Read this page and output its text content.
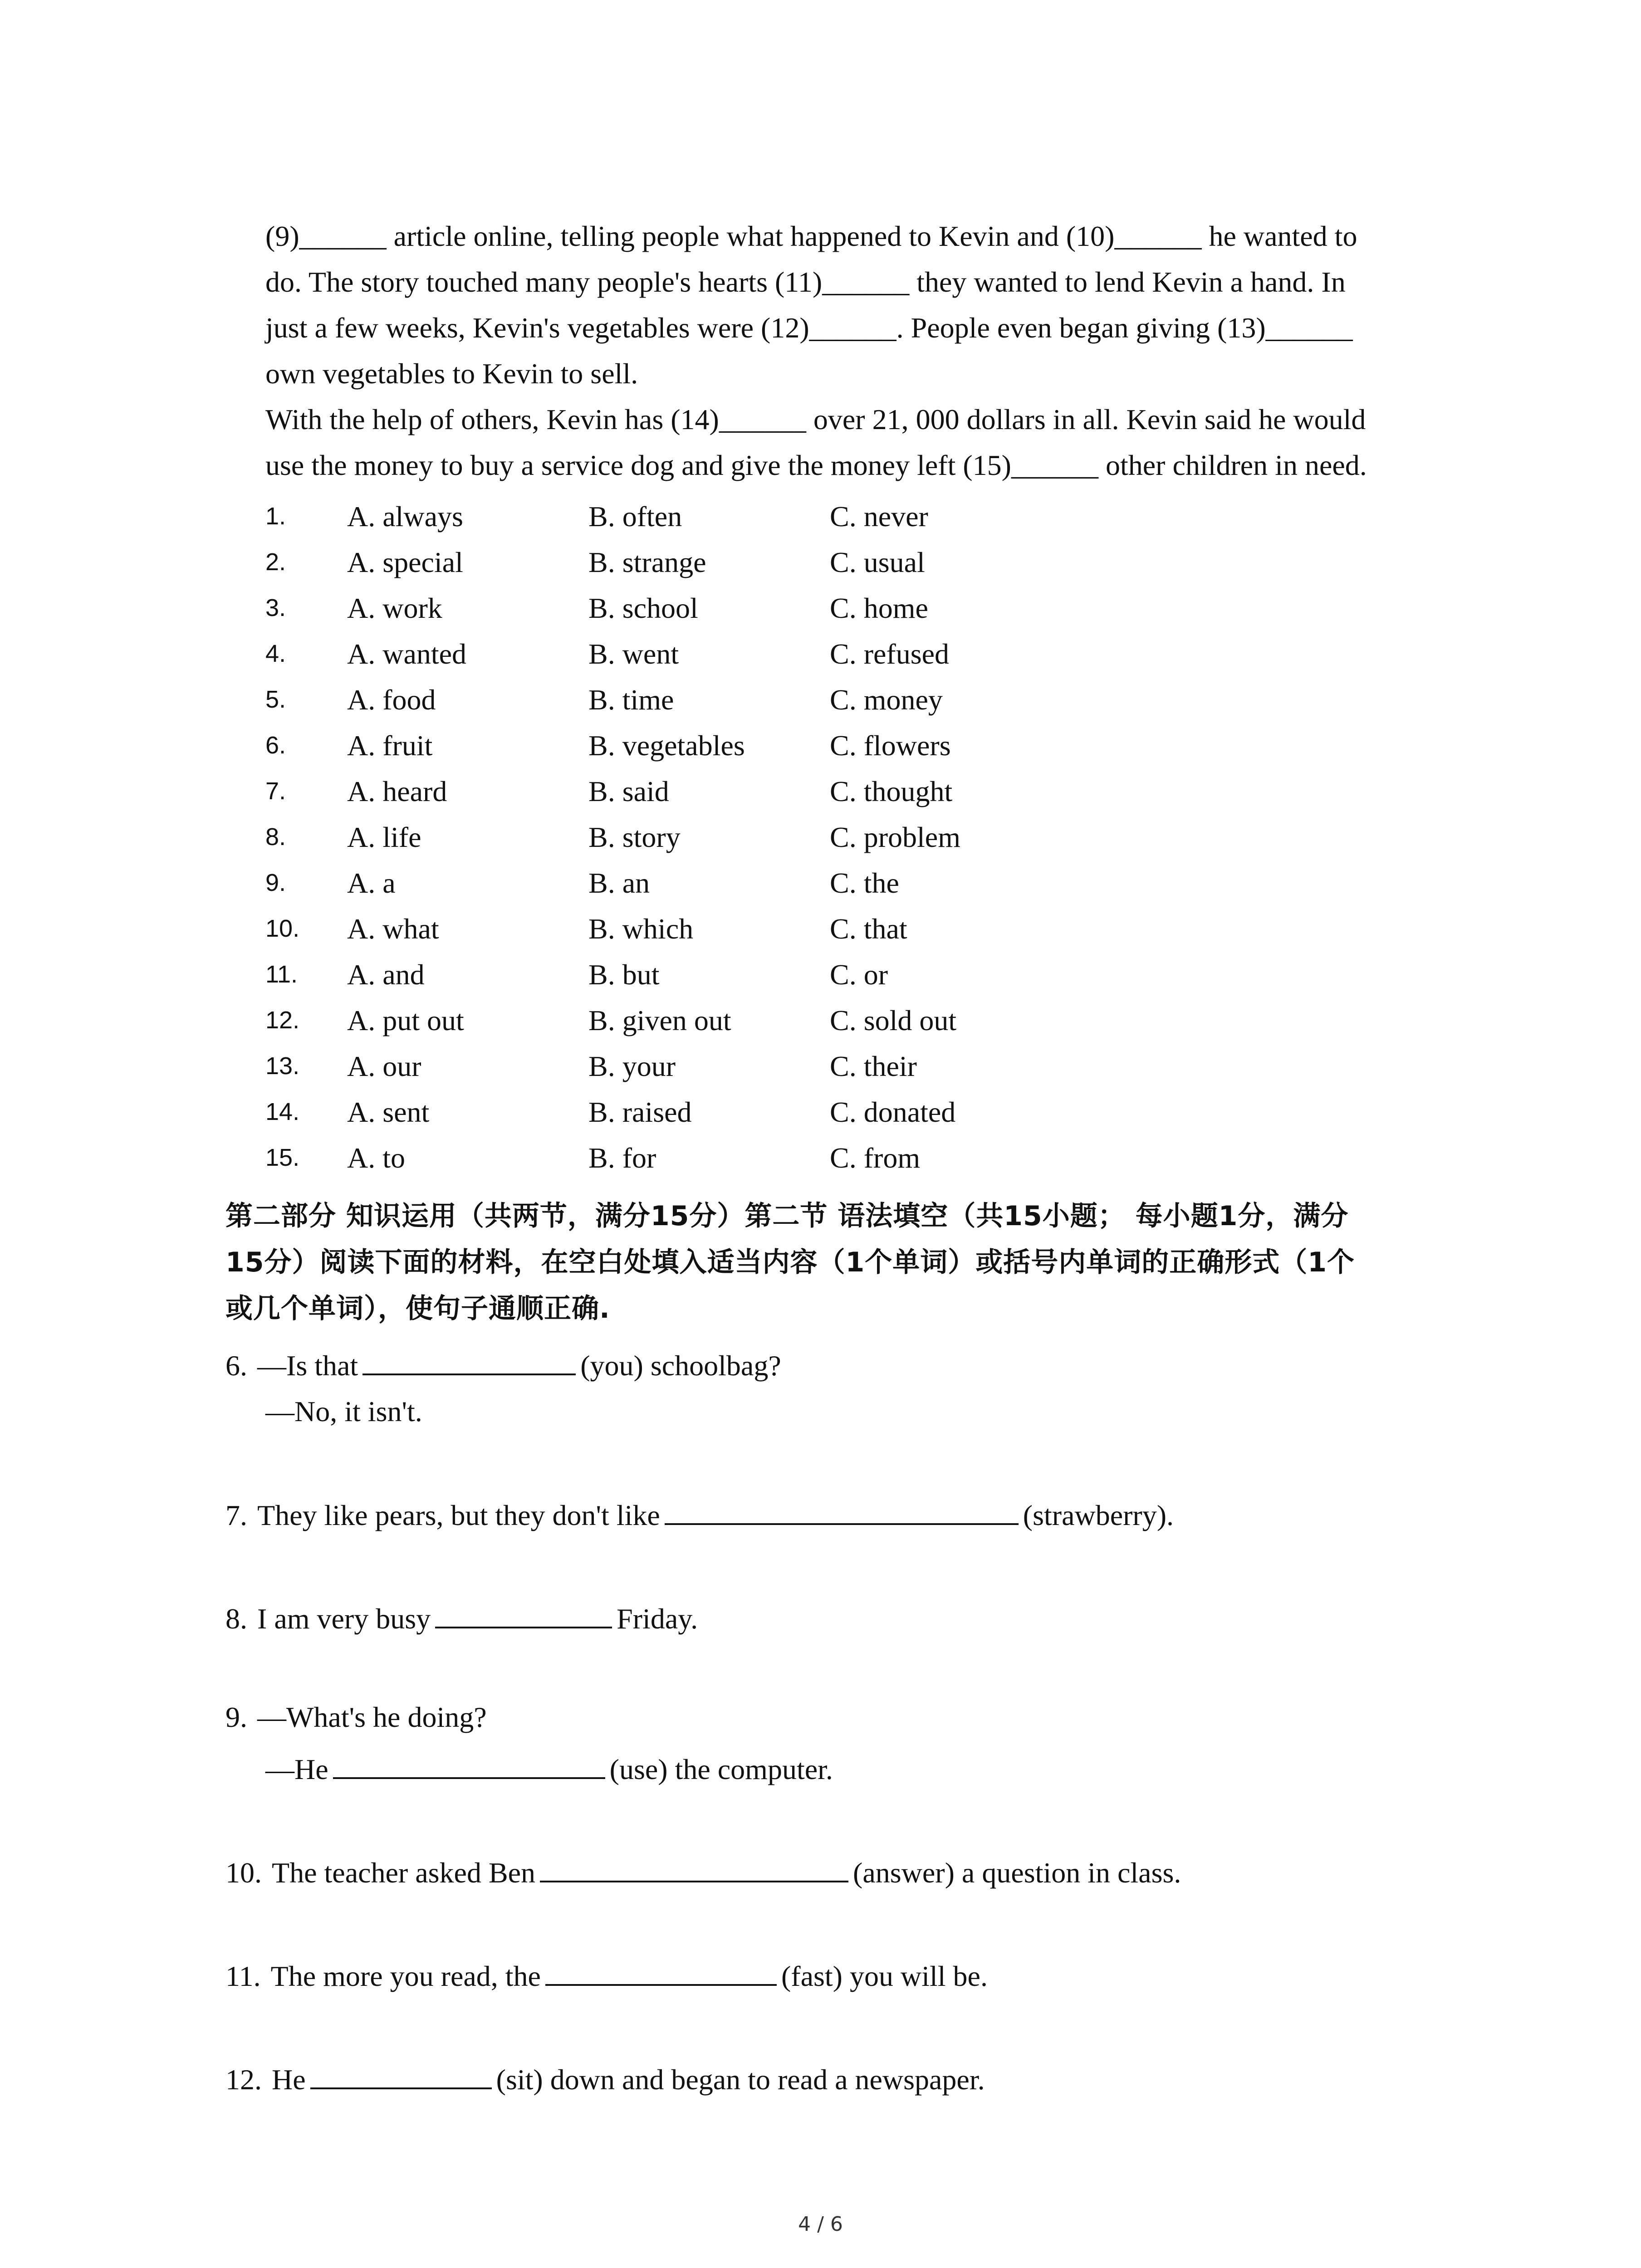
(9)______ article online, telling people what happened to Kevin and (10)______ he wanted to

do. The story touched many people's hearts (11)______ they wanted to lend Kevin a hand. In

just a few weeks, Kevin's vegetables were (12)______. People even began giving (13)______

own vegetables to Kevin to sell.

With the help of others, Kevin has (14)______ over 21, 000 dollars in all. Kevin said he would

use the money to buy a service dog and give the money left (15)______ other children in need.

1.	A. always	B. often	C. never
2.	A. special	B. strange	C. usual
3.	A. work	B. school	C. home
4.	A. wanted	B. went	C. refused
5.	A. food	B. time	C. money
6.	A. fruit	B. vegetables	C. flowers
7.	A. heard	B. said	C. thought
8.	A. life	B. story	C. problem
9.	A. a	B. an	C. the
10.	A. what	B. which	C. that
11.	A. and	B. but	C. or
12.	A. put out	B. given out	C. sold out
13.	A. our	B. your	C. their
14.	A. sent	B. raised	C. donated
15.	A. to	B. for	C. from
第二部分 知识运用（共两节，满分15分）第二节 语法填空（共15小题； 每小题1分，满分
15分）阅读下面的材料，在空白处填入适当内容（1个单词）或括号内单词的正确形式（1个
或几个单词），使句子通顺正确.
6. —Is that	(you) schoolbag?
—No, it isn't.
7. They like pears, but they don't like	(strawberry).
8. I am very busy	Friday.
9. —What's he doing?
—He	(use) the computer.
10. The teacher asked Ben	(answer) a question in class.
11. The more you read, the	(fast) you will be.
12. He	(sit) down and began to read a newspaper.
4 / 6
